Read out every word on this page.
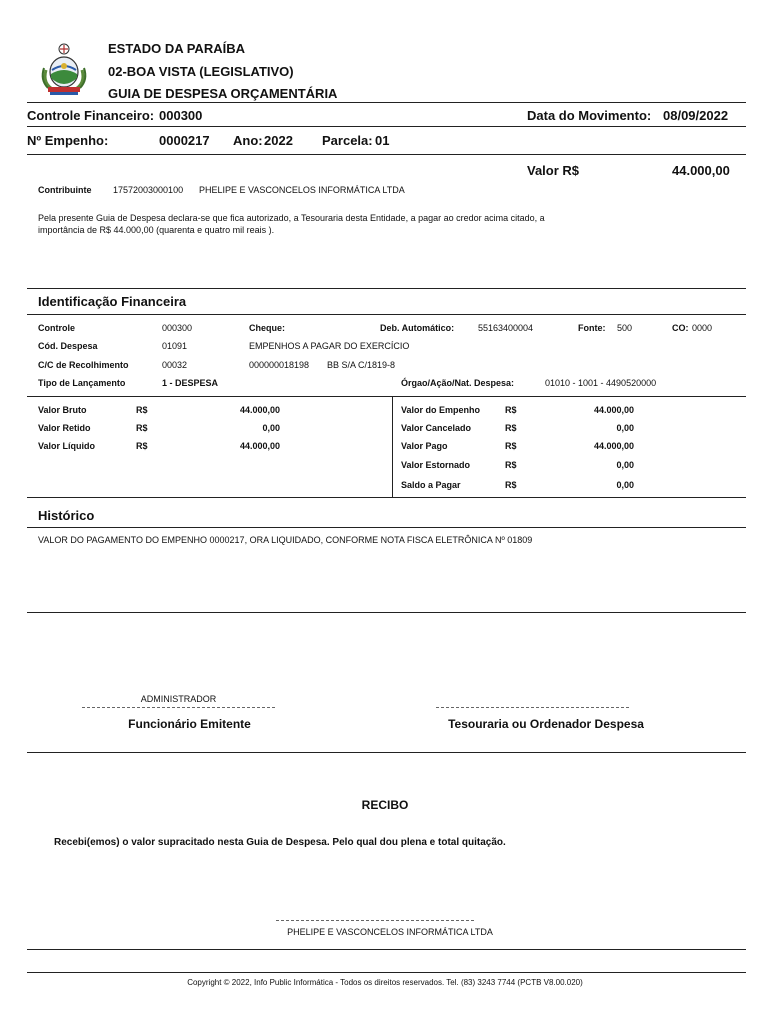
ESTADO DA PARAÍBA
02-BOA VISTA (LEGISLATIVO)
GUIA DE DESPESA ORÇAMENTÁRIA
Controle Financeiro: 000300	Data do Movimento: 08/09/2022
Nº Empenho:	0000217 Ano: 2022 Parcela: 01
Valor R$	44.000,00
Contribuinte 17572003000100 PHELIPE E VASCONCELOS INFORMÁTICA LTDA
Pela presente Guia de Despesa declara-se que fica autorizado, a Tesouraria desta Entidade, a pagar ao credor acima citado, a
importância de R$ 44.000,00 (quarenta e quatro mil reais ).
Identificação Financeira
Controle	000300	Cheque:	Deb. Automático:	55163400004	Fonte: 500	CO: 0000
Cód. Despesa	01091	EMPENHOS A PAGAR DO EXERCÍCIO
C/C de Recolhimento	00032	000000018198 BB S/A C/1819-8
Tipo de Lançamento	1 - DESPESA	Órgao/Ação/Nat. Despesa:	01010 - 1001 - 4490520000
Valor Bruto	R$	44.000,00
Valor Retido	R$	0,00
Valor Líquido	R$	44.000,00
Valor do Empenho	R$	44.000,00
Valor Cancelado	R$	0,00
Valor Pago	R$	44.000,00
Valor Estornado	R$	0,00
Saldo a Pagar	R$	0,00
Histórico
VALOR DO PAGAMENTO DO EMPENHO 0000217, ORA LIQUIDADO, CONFORME NOTA FISCA ELETRÔNICA Nº 01809
ADMINISTRADOR
Funcionário Emitente	Tesouraria ou Ordenador Despesa
RECIBO
Recebi(emos) o valor supracitado nesta Guia de Despesa. Pelo qual dou plena e total quitação.
PHELIPE E VASCONCELOS INFORMÁTICA LTDA
Copyright © 2022, Info Public Informática - Todos os direitos reservados. Tel. (83) 3243 7744 (PCTB V8.00.020)
